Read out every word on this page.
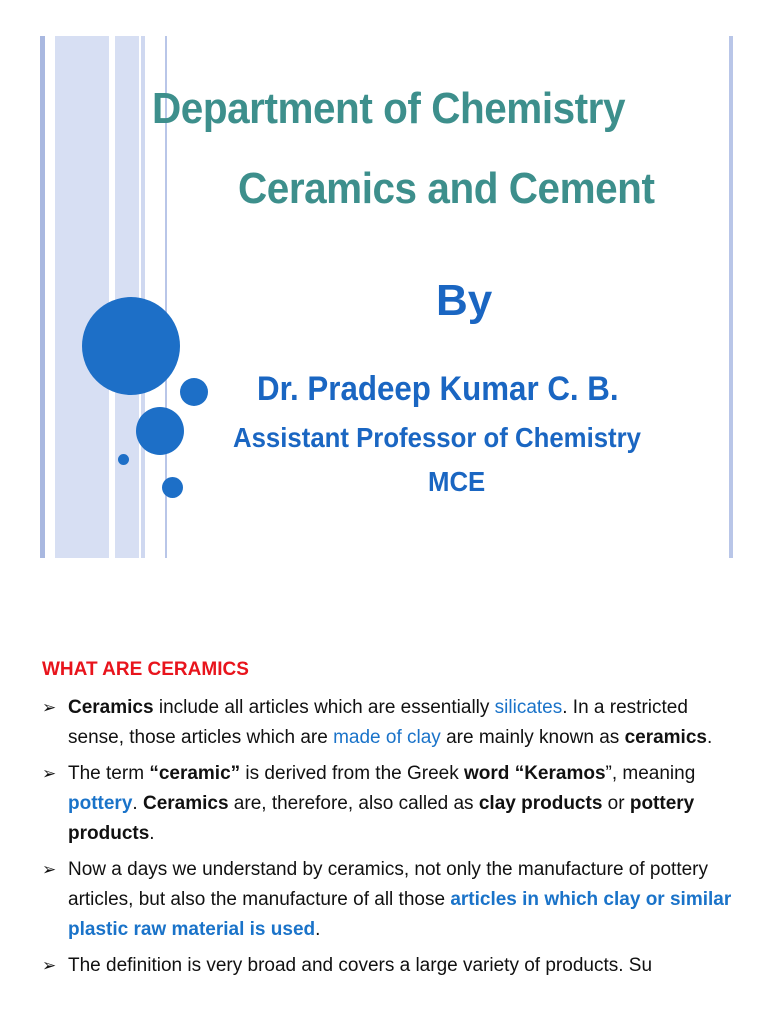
Department of Chemistry
Ceramics and Cement
By
Dr. Pradeep Kumar C. B.
Assistant Professor of Chemistry
MCE
WHAT ARE CERAMICS
➢ Ceramics include all articles which are essentially silicates. In a restricted sense, those articles which are made of clay are mainly known as ceramics.
➢ The term “ceramic” is derived from the Greek word “Keramos”, meaning pottery. Ceramics are, therefore, also called as clay products or pottery products.
➢ Now a days we understand by ceramics, not only the manufacture of pottery articles, but also the manufacture of all those articles in which clay or similar plastic raw material is used.
➢ The definition is very broad and covers a large variety of products. Su
